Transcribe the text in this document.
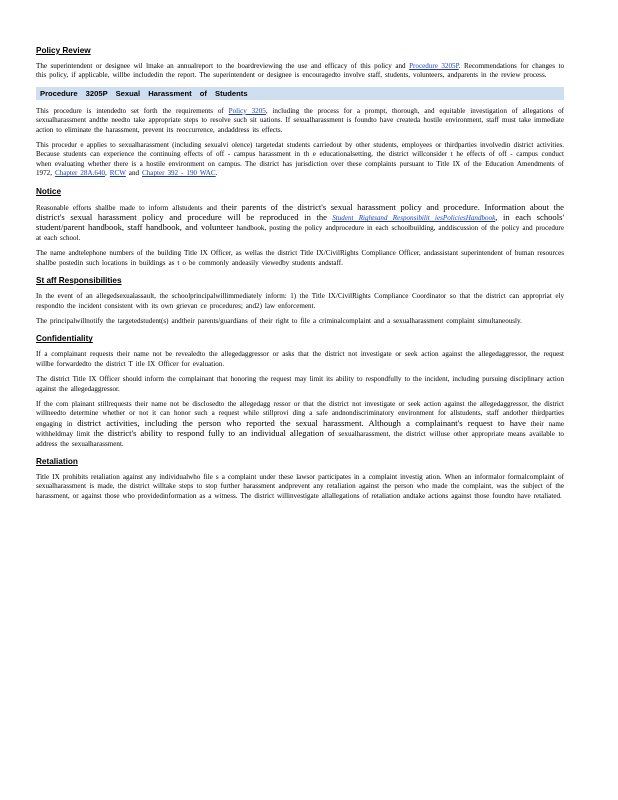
Policy Review

The superintendent or designee wil lmake an annualreport to the boardreviewing the use and efficacy of this policy and Procedure 3205P. Recommendations for changes to this policy, if applicable, willbe includedin the report. The superintendent or designee is encouragedto involve staff, students, volunteers, andparents in the review process.

Procedure 3205P Sexual Harassment of Students

This procedure is intendedto set forth the requirements of Policy 3205, including the process for a prompt, thorough, and equitable investigation of allegations of sexualharassment andthe needto take appropriate steps to resolve such sit uations. If sexualharassment is foundto have createda hostile environment, staff must take immediate action to eliminate the harassment, prevent its reoccurrence, andaddress its effects.

This procedur e applies to sexualharassment (including sexualvi olence) targetedat students carriedout by other students, employees or thirdparties involvedin district activities. Because students can experience the continuing effects of off - campus harassment in th e educationalsetting, the district willconsider t he effects of off - campus conduct when evaluating whether there is a hostile environment on campus. The district has jurisdiction over these complaints pursuant to Title IX of the Education Amendments of 1972, Chapter 28A.640, RCW and Chapter 392 - 190 WAC.

Notice

Reasonable efforts shallbe made to inform allstudents and their parents of the district's sexual harassment policy and procedure. Information about the district's sexual harassment policy and procedure will be reproduced in the Student Rightsand Responsibilit iesPoliciesHandbook, in each schools' student/parent handbook, staff handbook, and volunteer handbook, posting the policy andprocedure in each schoolbuilding, anddiscussion of the policy and procedure at each school.

The name andtelephone numbers of the building Title IX Officer, as wellas the district Title IX/CivilRights Compliance Officer, andassistant superintendent of human resources shallbe postedin such locations in buildings as t o be commonly andeasily viewedby students andstaff.

St aff Responsibilities

In the event of an allegedsexualassault, the schoolprincipalwillimmediately inform: 1) the Title IX/CivilRights Compliance Coordinator so that the district can appropriat ely respondto the incident consistent with its own grievan ce procedures; and2) law enforcement.

The principalwillnotify the targetedstudent(s) andtheir parents/guardians of their right to file a criminalcomplaint and a sexualharassment complaint simultaneously.

Confidentiality

If a complainant requests their name not be revealedto the allegedaggressor or asks that the district not investigate or seek action against the allegedaggressor, the request willbe forwardedto the district T itle IX Officer for evaluation.

The district Title IX Officer should inform the complainant that honoring the request may limit its ability to respondfully to the incident, including pursuing disciplinary action against the allegedaggressor.

If the com plainant stillrequests their name not be disclosedto the allegedagg ressor or that the district not investigate or seek action against the allegedaggressor, the district willneedto determine whether or not it can honor such a request while stillprovi ding a safe andnondiscriminatory environment for allstudents, staff andother thirdparties engaging in district activities, including the person who reported the sexual harassment. Although a complainant's request to have their name withheldmay limit the district's ability to respond fully to an individual allegation of sexualharassment, the district willuse other appropriate means available to address the sexualharassment.

Retaliation

Title IX prohibits retaliation against any individualwho file s a complaint under these lawsor participates in a complaint investig ation. When an informalor formalcomplaint of sexualharassment is made, the district willtake steps to stop further harassment andprevent any retaliation against the person who made the complaint, was the subject of the harassment, or against those who providedinformation as a witness. The district willinvestigate allallegations of retaliation andtake actions against those foundto have retaliated.
